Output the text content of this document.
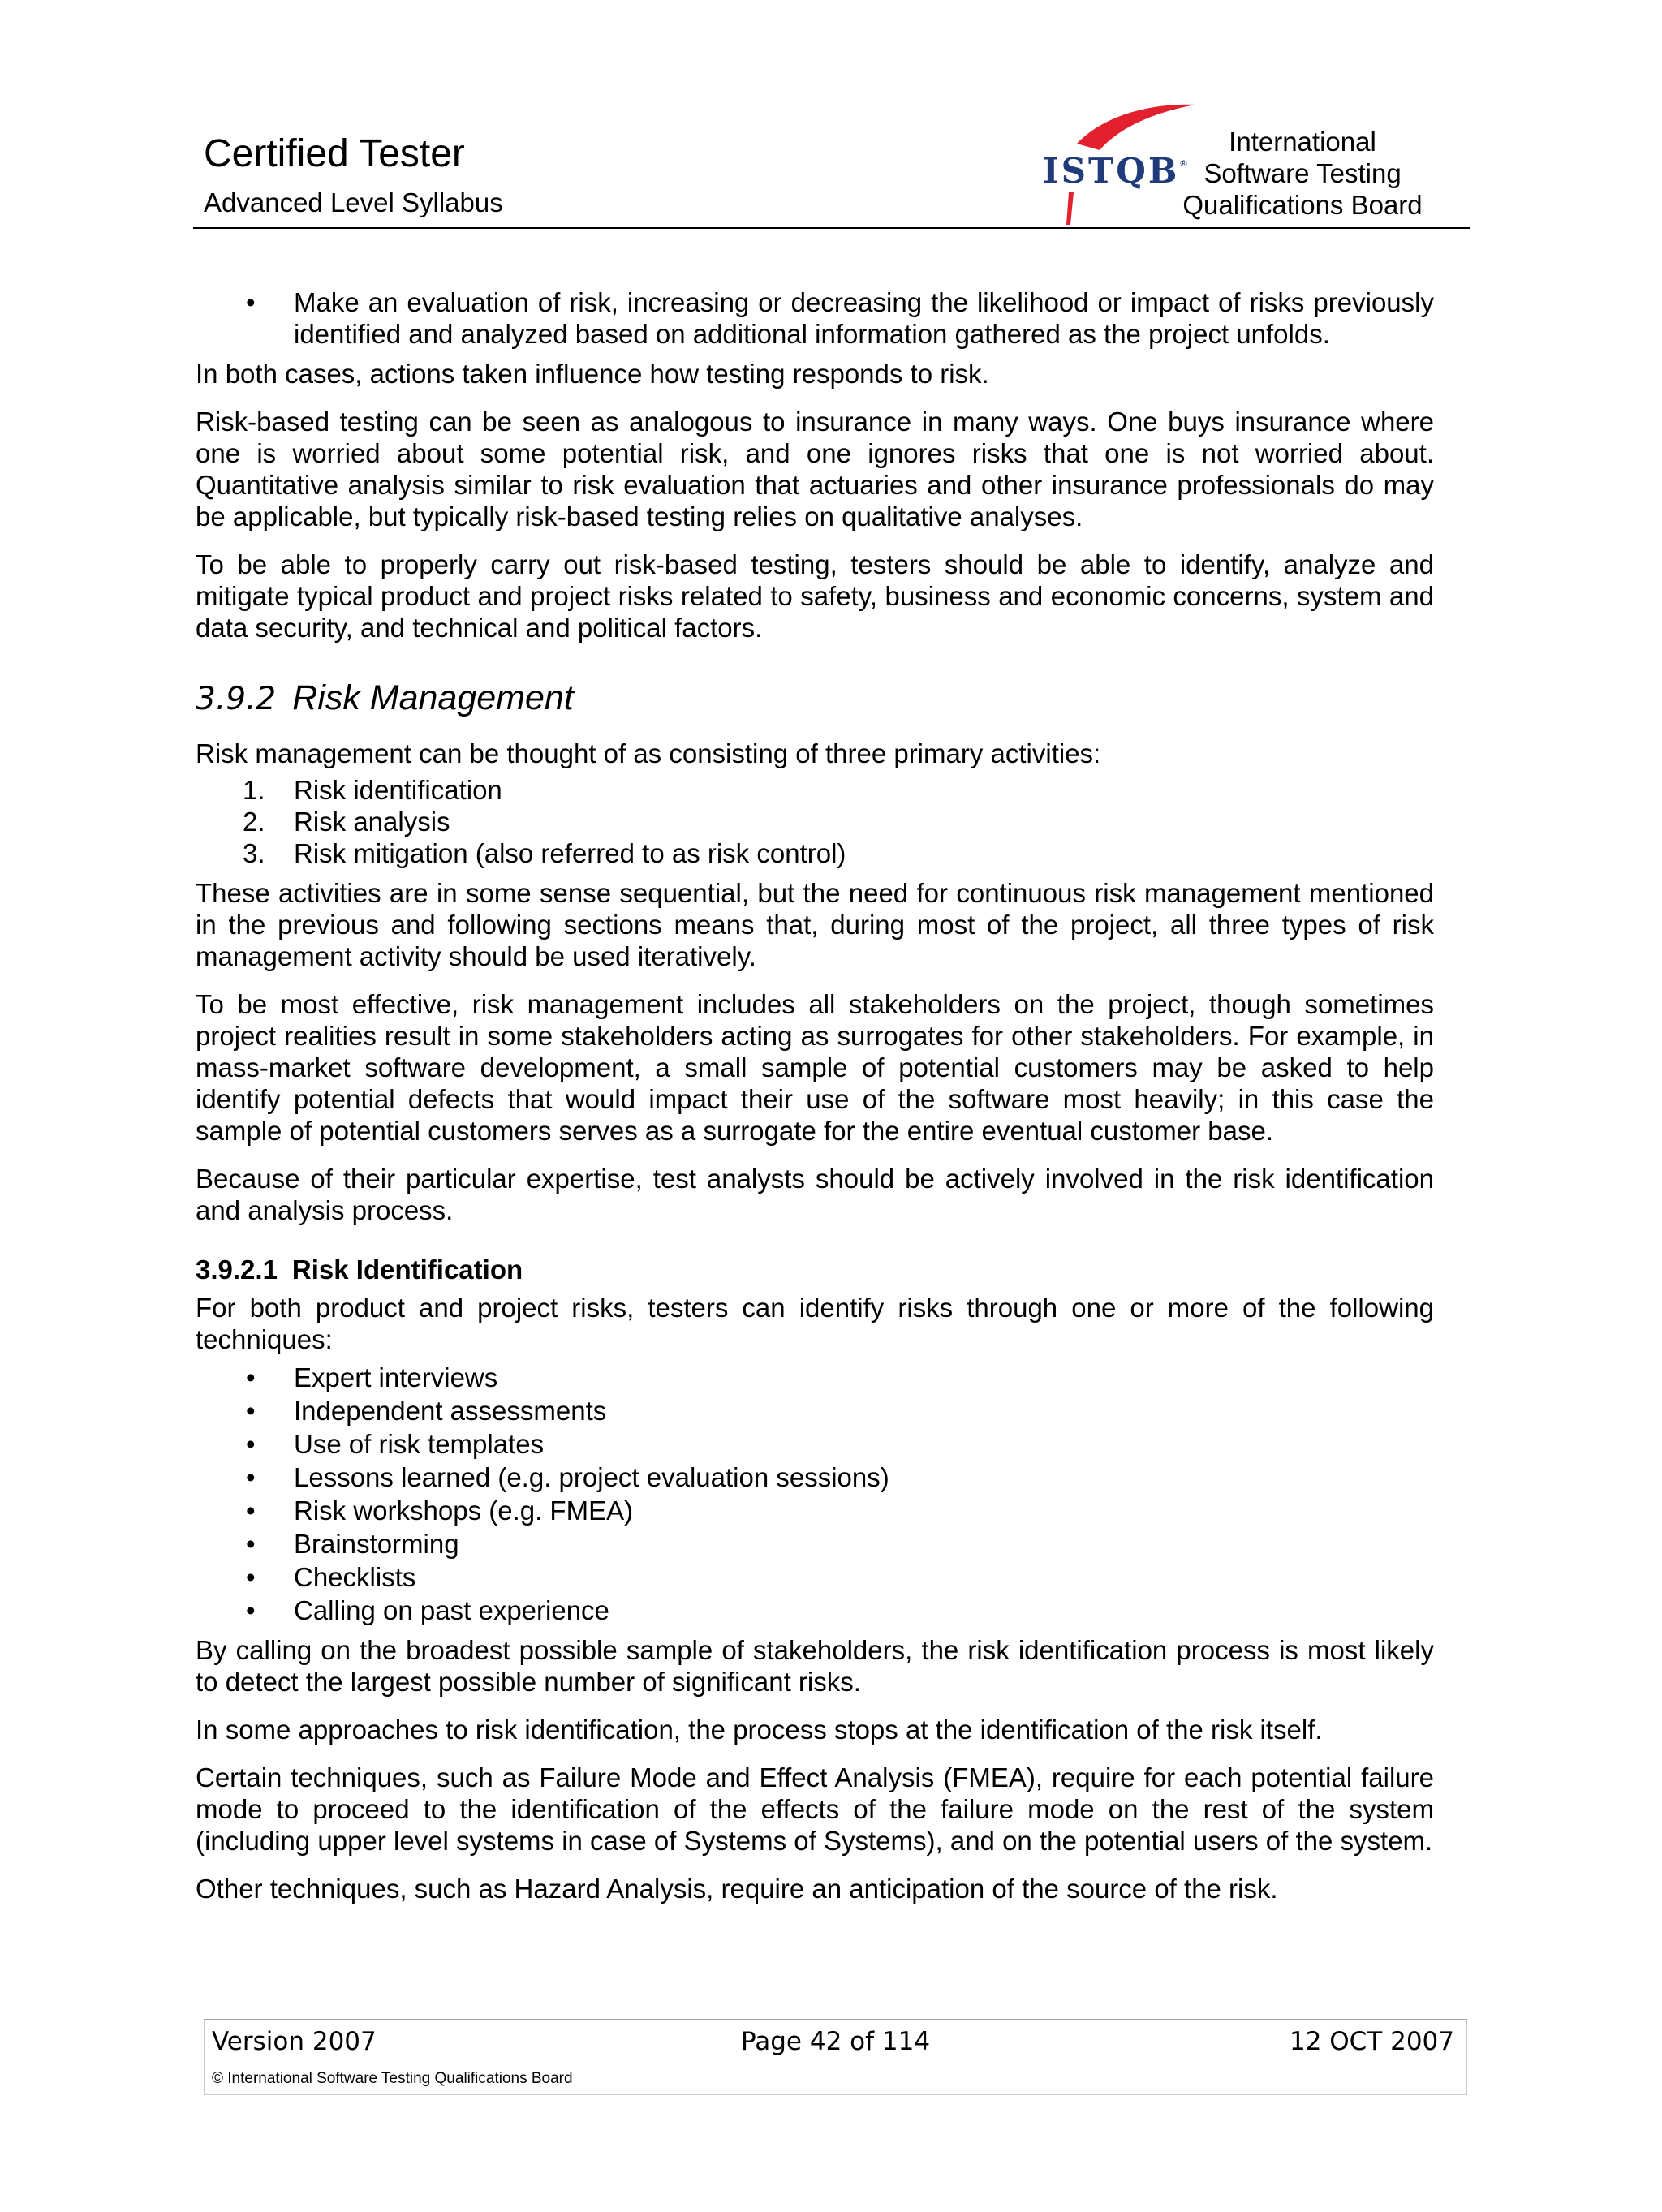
Certified Tester
Advanced Level Syllabus
ISTQB ®
International
Software Testing
Qualifications Board
• Make an evaluation of risk, increasing or decreasing the likelihood or impact of risks previously identified and analyzed based on additional information gathered as the project unfolds.

In both cases, actions taken influence how testing responds to risk.

Risk-based testing can be seen as analogous to insurance in many ways. One buys insurance where one is worried about some potential risk, and one ignores risks that one is not worried about. Quantitative analysis similar to risk evaluation that actuaries and other insurance professionals do may be applicable, but typically risk-based testing relies on qualitative analyses.

To be able to properly carry out risk-based testing, testers should be able to identify, analyze and mitigate typical product and project risks related to safety, business and economic concerns, system and data security, and technical and political factors.

3.9.2 Risk Management

Risk management can be thought of as consisting of three primary activities:

1. Risk identification
2. Risk analysis
3. Risk mitigation (also referred to as risk control)

These activities are in some sense sequential, but the need for continuous risk management mentioned in the previous and following sections means that, during most of the project, all three types of risk management activity should be used iteratively.

To be most effective, risk management includes all stakeholders on the project, though sometimes project realities result in some stakeholders acting as surrogates for other stakeholders. For example, in mass-market software development, a small sample of potential customers may be asked to help identify potential defects that would impact their use of the software most heavily; in this case the sample of potential customers serves as a surrogate for the entire eventual customer base.

Because of their particular expertise, test analysts should be actively involved in the risk identification and analysis process.

3.9.2.1 Risk Identification

For both product and project risks, testers can identify risks through one or more of the following techniques:

• Expert interviews
• Independent assessments
• Use of risk templates
• Lessons learned (e.g. project evaluation sessions)
• Risk workshops (e.g. FMEA)
• Brainstorming
• Checklists
• Calling on past experience

By calling on the broadest possible sample of stakeholders, the risk identification process is most likely to detect the largest possible number of significant risks.

In some approaches to risk identification, the process stops at the identification of the risk itself.

Certain techniques, such as Failure Mode and Effect Analysis (FMEA), require for each potential failure mode to proceed to the identification of the effects of the failure mode on the rest of the system (including upper level systems in case of Systems of Systems), and on the potential users of the system.

Other techniques, such as Hazard Analysis, require an anticipation of the source of the risk.

Version 2007	Page 42 of 114	12 OCT 2007
© International Software Testing Qualifications Board
